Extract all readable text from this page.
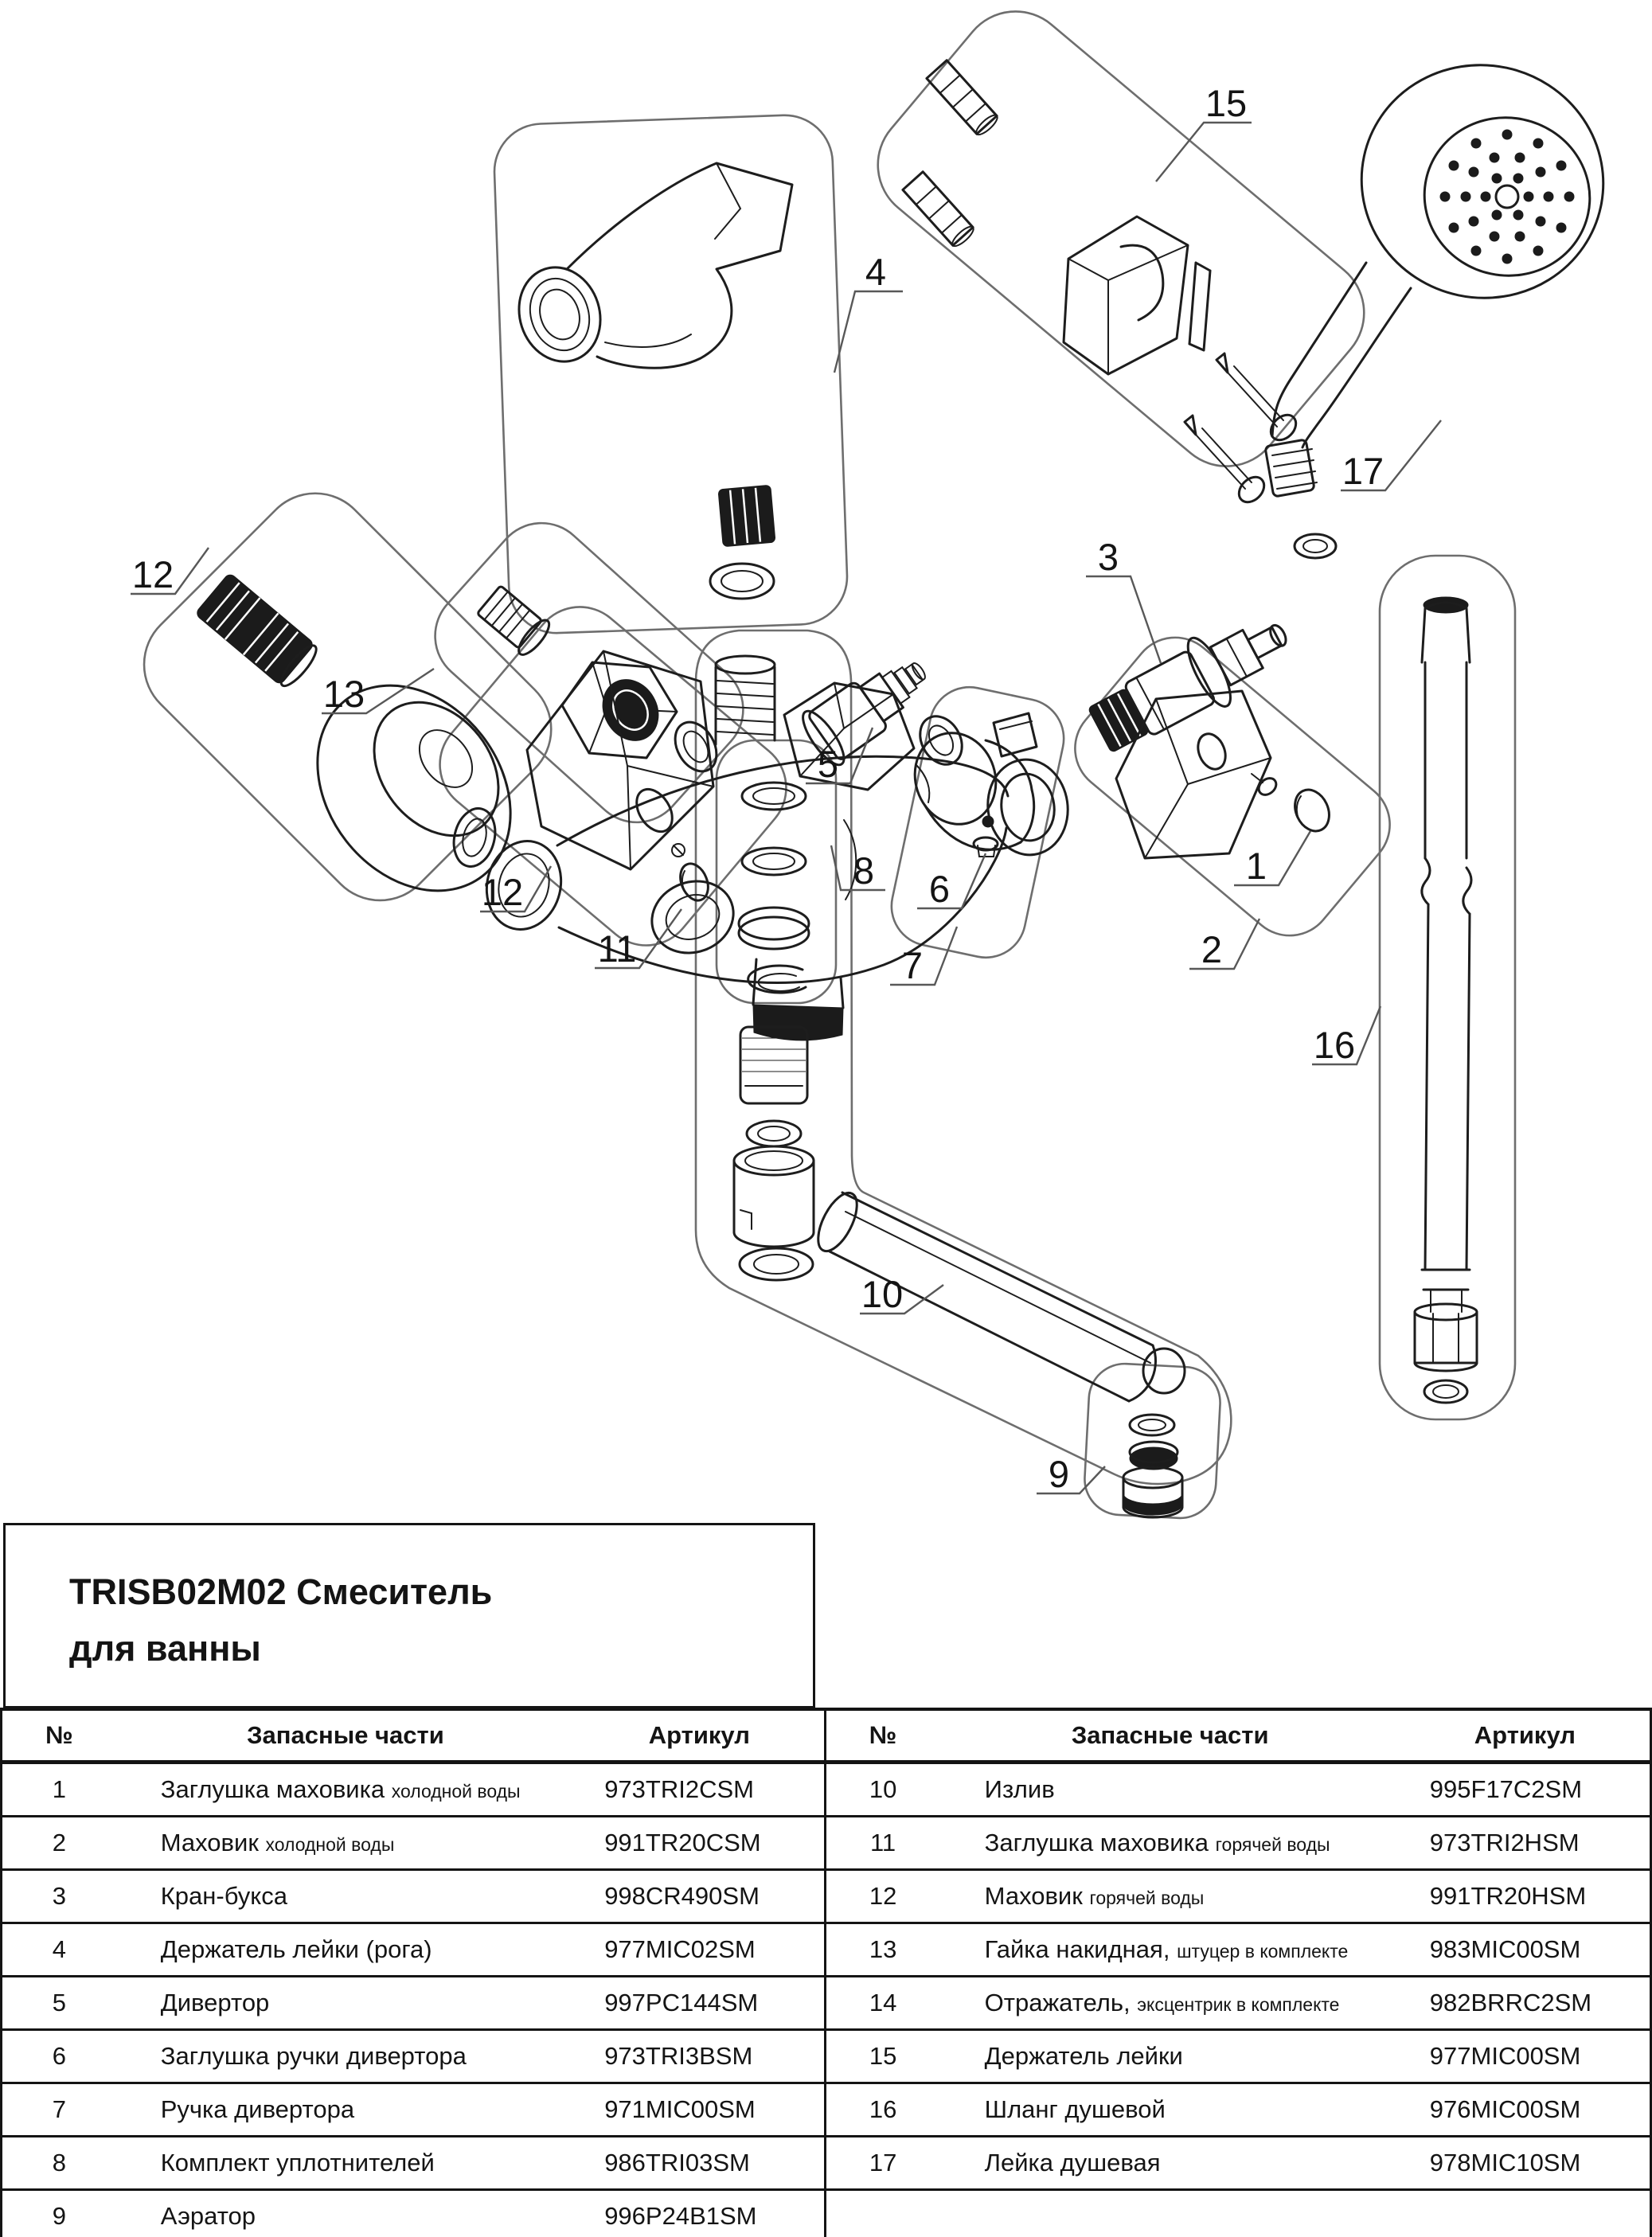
12
13
4
15
17
3
5
8 6
7
11
12
1
2
16
10
9
TRISB02M02 Смеситель
для ванны
№	Запасные части	Артикул
1	Заглушка маховика холодной воды	973TRI2CSM
2	Маховик холодной воды	991TR20CSM
3	Кран-букса	998CR490SM
4	Держатель лейки (рога)	977MIC02SM
5	Дивертор	997PC144SM
6	Заглушка ручки дивертора	973TRI3BSM
7	Ручка дивертора	971MIC00SM
8	Комплект уплотнителей	986TRI03SM
9	Аэратор	996P24B1SM
№	Запасные части	Артикул
10	Излив	995F17C2SM
11	Заглушка маховика горячей воды	973TRI2HSM
12	Маховик горячей воды	991TR20HSM
13	Гайка накидная, штуцер в комплекте	983MIC00SM
14	Отражатель, эксцентрик в комплекте	982BRRC2SM
15	Держатель лейки	977MIC00SM
16	Шланг душевой	976MIC00SM
17	Лейка душевая	978MIC10SM
